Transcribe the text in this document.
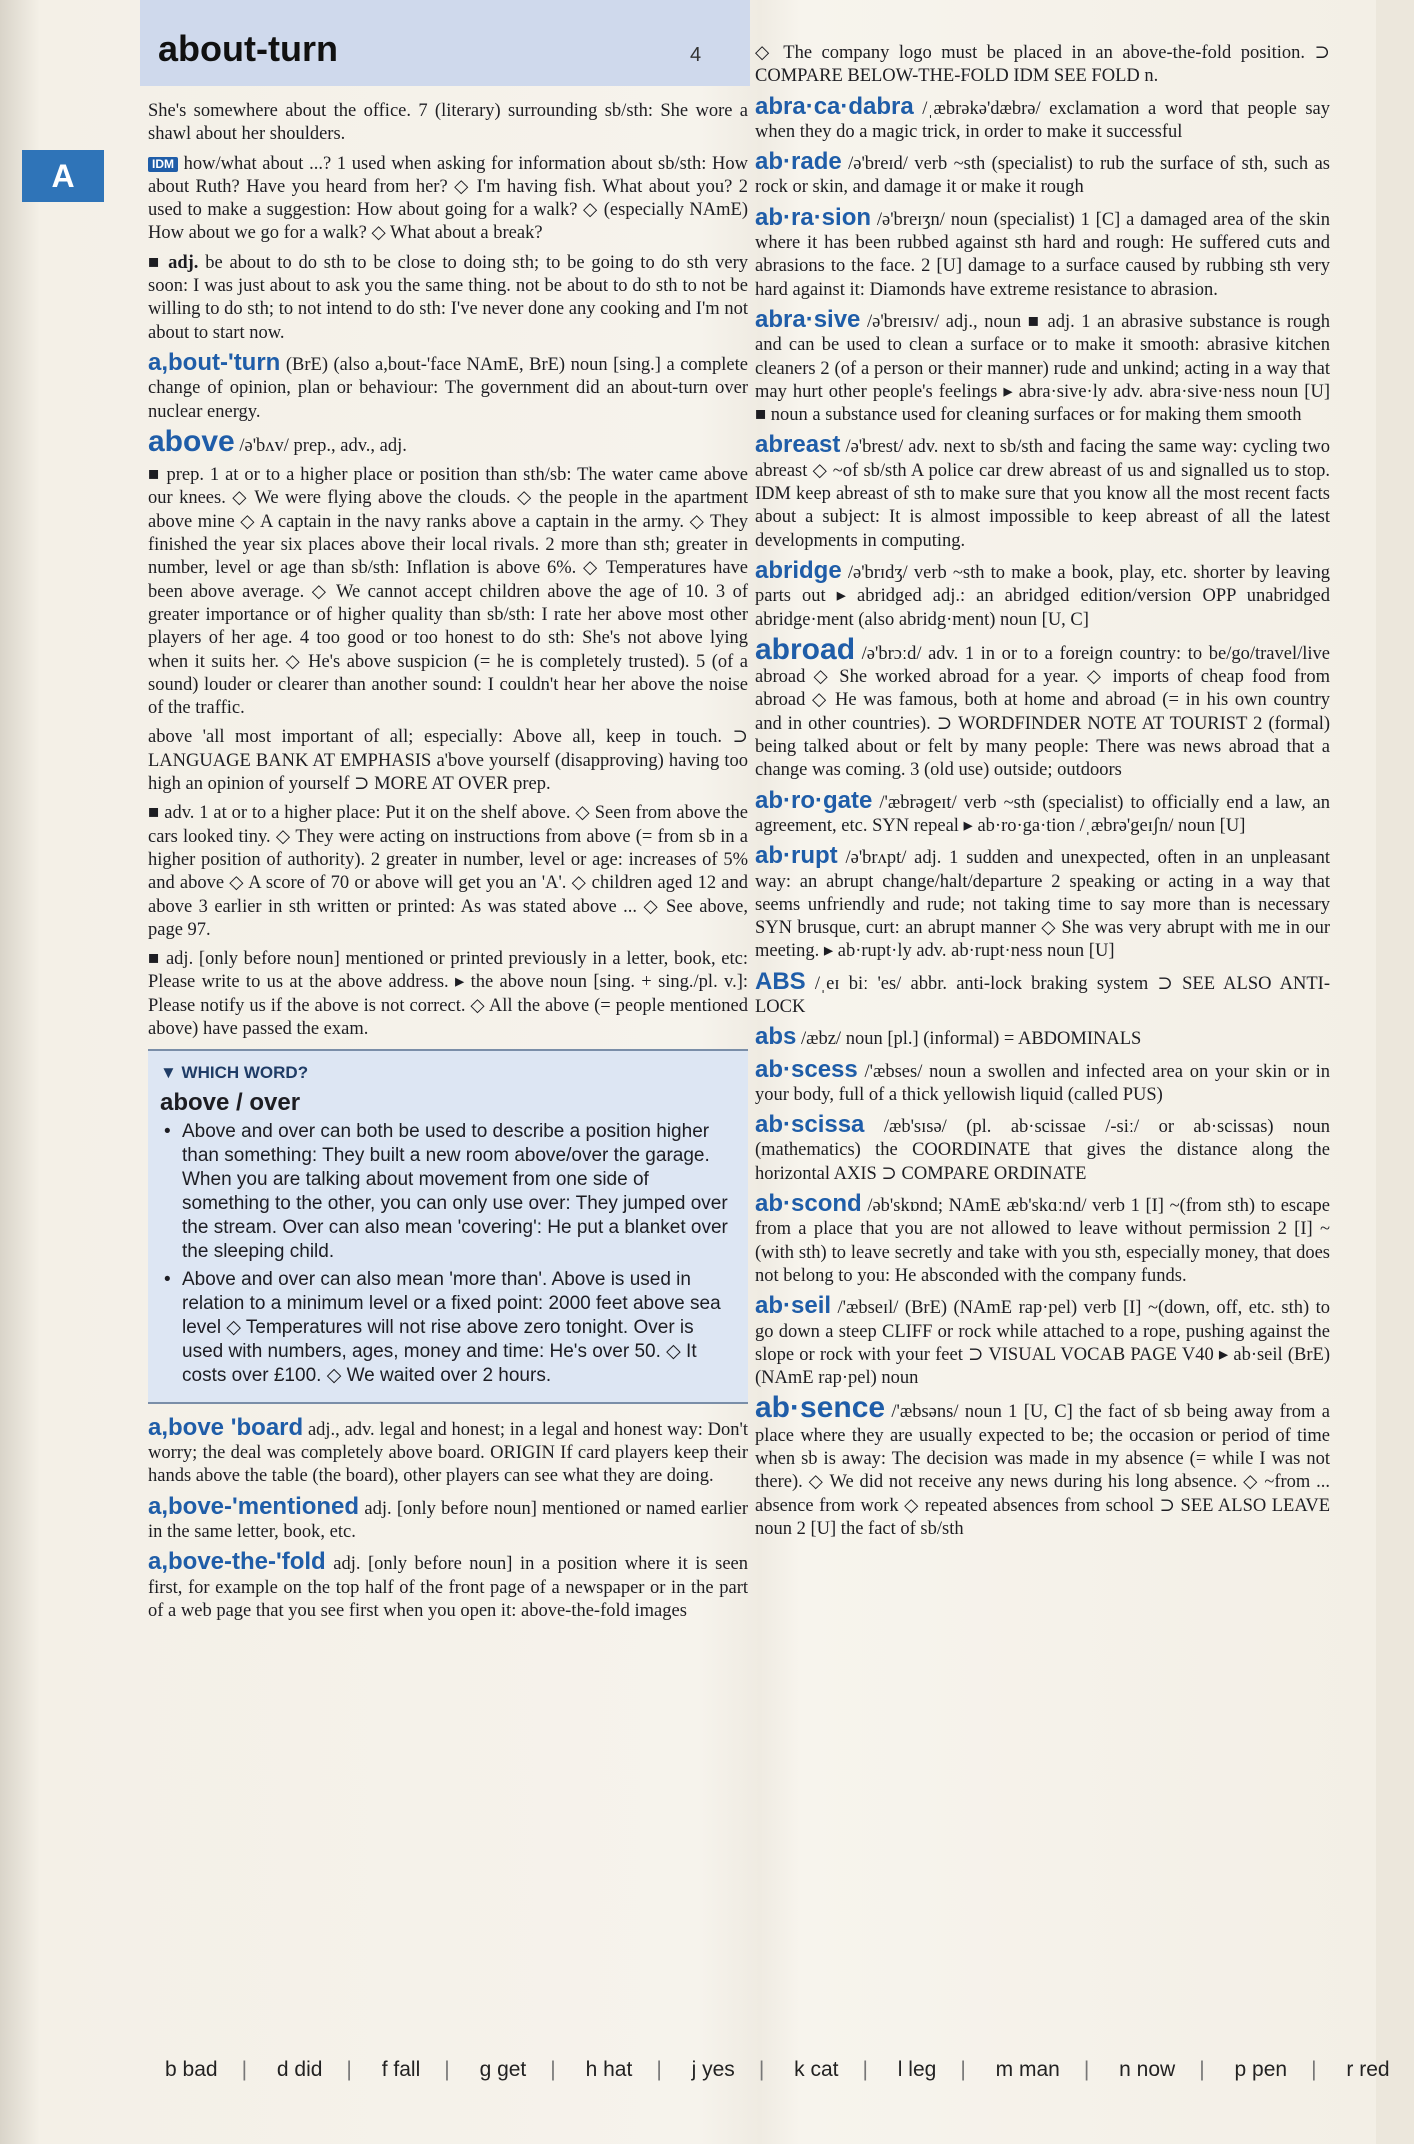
about-turn	4
A

She's somewhere about the office. 7 (literary) surrounding sb/sth: She wore a shawl about her shoulders.

IDM how/what about ...? 1 used when asking for information about sb/sth: How about Ruth? Have you heard from her? ◇ I'm having fish. What about you? 2 used to make a suggestion: How about going for a walk? ◇ (especially NAmE) How about we go for a walk? ◇ What about a break?

■ adj. be about to do sth to be close to doing sth; to be going to do sth very soon: I was just about to ask you the same thing. not be about to do sth to not be willing to do sth; to not intend to do sth: I've never done any cooking and I'm not about to start now.

a,bout-'turn (BrE) (also a,bout-'face NAmE, BrE) noun [sing.] a complete change of opinion, plan or behaviour: The government did an about-turn over nuclear energy.

above /ə'bʌv/ prep., adv., adj.

■ prep. 1 at or to a higher place or position than sth/sb: The water came above our knees. ◇ We were flying above the clouds. ◇ the people in the apartment above mine ◇ A captain in the navy ranks above a captain in the army. ◇ They finished the year six places above their local rivals. 2 more than sth; greater in number, level or age than sb/sth: Inflation is above 6%. ◇ Temperatures have been above average. ◇ We cannot accept children above the age of 10. 3 of greater importance or of higher quality than sb/sth: I rate her above most other players of her age. 4 too good or too honest to do sth: She's not above lying when it suits her. ◇ He's above suspicion (= he is completely trusted). 5 (of a sound) louder or clearer than another sound: I couldn't hear her above the noise of the traffic.

above 'all most important of all; especially: Above all, keep in touch. ⊃ LANGUAGE BANK AT EMPHASIS a'bove yourself (disapproving) having too high an opinion of yourself ⊃ MORE AT OVER prep.

■ adv. 1 at or to a higher place: Put it on the shelf above. ◇ Seen from above the cars looked tiny. ◇ They were acting on instructions from above (= from sb in a higher position of authority). 2 greater in number, level or age: increases of 5% and above ◇ A score of 70 or above will get you an 'A'. ◇ children aged 12 and above 3 earlier in sth written or printed: As was stated above ... ◇ See above, page 97.

■ adj. [only before noun] mentioned or printed previously in a letter, book, etc: Please write to us at the above address. ▸ the above noun [sing. + sing./pl. v.]: Please notify us if the above is not correct. ◇ All the above (= people mentioned above) have passed the exam.

▼ WHICH WORD?
above / over
• Above and over can both be used to describe a position higher than something: They built a new room above/over the garage. When you are talking about movement from one side of something to the other, you can only use over: They jumped over the stream. Over can also mean 'covering': He put a blanket over the sleeping child.
• Above and over can also mean 'more than'. Above is used in relation to a minimum level or a fixed point: 2000 feet above sea level ◇ Temperatures will not rise above zero tonight. Over is used with numbers, ages, money and time: He's over 50. ◇ It costs over £100. ◇ We waited over 2 hours.

a,bove 'board adj., adv. legal and honest; in a legal and honest way: Don't worry; the deal was completely above board. ORIGIN If card players keep their hands above the table (the board), other players can see what they are doing.

a,bove-'mentioned adj. [only before noun] mentioned or named earlier in the same letter, book, etc.

a,bove-the-'fold adj. [only before noun] in a position where it is seen first, for example on the top half of the front page of a newspaper or in the part of a web page that you see first when you open it: above-the-fold images

◇ The company logo must be placed in an above-the-fold position. ⊃ COMPARE BELOW-THE-FOLD IDM SEE FOLD n.

abra·ca·dabra /ˌæbrəkə'dæbrə/ exclamation a word that people say when they do a magic trick, in order to make it successful

ab·rade /ə'breɪd/ verb ~sth (specialist) to rub the surface of sth, such as rock or skin, and damage it or make it rough

ab·ra·sion /ə'breɪʒn/ noun (specialist) 1 [C] a damaged area of the skin where it has been rubbed against sth hard and rough: He suffered cuts and abrasions to the face. 2 [U] damage to a surface caused by rubbing sth very hard against it: Diamonds have extreme resistance to abrasion.

abra·sive /ə'breɪsɪv/ adj., noun ■ adj. 1 an abrasive substance is rough and can be used to clean a surface or to make it smooth: abrasive kitchen cleaners 2 (of a person or their manner) rude and unkind; acting in a way that may hurt other people's feelings ▸ abra·sive·ly adv. abra·sive·ness noun [U] ■ noun a substance used for cleaning surfaces or for making them smooth

abreast /ə'brest/ adv. next to sb/sth and facing the same way: cycling two abreast ◇ ~of sb/sth A police car drew abreast of us and signalled us to stop. IDM keep abreast of sth to make sure that you know all the most recent facts about a subject: It is almost impossible to keep abreast of all the latest developments in computing.

abridge /ə'brɪdʒ/ verb ~sth to make a book, play, etc. shorter by leaving parts out ▸ abridged adj.: an abridged edition/version OPP unabridged abridge·ment (also abridg·ment) noun [U, C]

abroad /ə'brɔːd/ adv. 1 in or to a foreign country: to be/go/travel/live abroad ◇ She worked abroad for a year. ◇ imports of cheap food from abroad ◇ He was famous, both at home and abroad (= in his own country and in other countries). ⊃ WORDFINDER NOTE AT TOURIST 2 (formal) being talked about or felt by many people: There was news abroad that a change was coming. 3 (old use) outside; outdoors

ab·ro·gate /'æbrəgeɪt/ verb ~sth (specialist) to officially end a law, an agreement, etc. SYN repeal ▸ ab·ro·ga·tion /ˌæbrə'geɪʃn/ noun [U]

ab·rupt /ə'brʌpt/ adj. 1 sudden and unexpected, often in an unpleasant way: an abrupt change/halt/departure 2 speaking or acting in a way that seems unfriendly and rude; not taking time to say more than is necessary SYN brusque, curt: an abrupt manner ◇ She was very abrupt with me in our meeting. ▸ ab·rupt·ly adv. ab·rupt·ness noun [U]

ABS /ˌeɪ biː 'es/ abbr. anti-lock braking system ⊃ SEE ALSO ANTI-LOCK

abs /æbz/ noun [pl.] (informal) = ABDOMINALS

ab·scess /'æbses/ noun a swollen and infected area on your skin or in your body, full of a thick yellowish liquid (called PUS)

ab·scissa /æb'sɪsə/ (pl. ab·scissae /-siː/ or ab·scissas) noun (mathematics) the COORDINATE that gives the distance along the horizontal AXIS ⊃ COMPARE ORDINATE

ab·scond /əb'skɒnd; NAmE æb'skɑːnd/ verb 1 [I] ~(from sth) to escape from a place that you are not allowed to leave without permission 2 [I] ~(with sth) to leave secretly and take with you sth, especially money, that does not belong to you: He absconded with the company funds.

ab·seil /'æbseɪl/ (BrE) (NAmE rap·pel) verb [I] ~(down, off, etc. sth) to go down a steep CLIFF or rock while attached to a rope, pushing against the slope or rock with your feet ⊃ VISUAL VOCAB PAGE V40 ▸ ab·seil (BrE) (NAmE rap·pel) noun

ab·sence /'æbsəns/ noun 1 [U, C] the fact of sb being away from a place where they are usually expected to be; the occasion or period of time when sb is away: The decision was made in my absence (= while I was not there). ◇ We did not receive any news during his long absence. ◇ ~from ... absence from work ◇ repeated absences from school ⊃ SEE ALSO LEAVE noun 2 [U] the fact of sb/sth

b bad | d did | f fall | g get | h hat | j yes | k cat | l leg | m man | n now | p pen | r red
